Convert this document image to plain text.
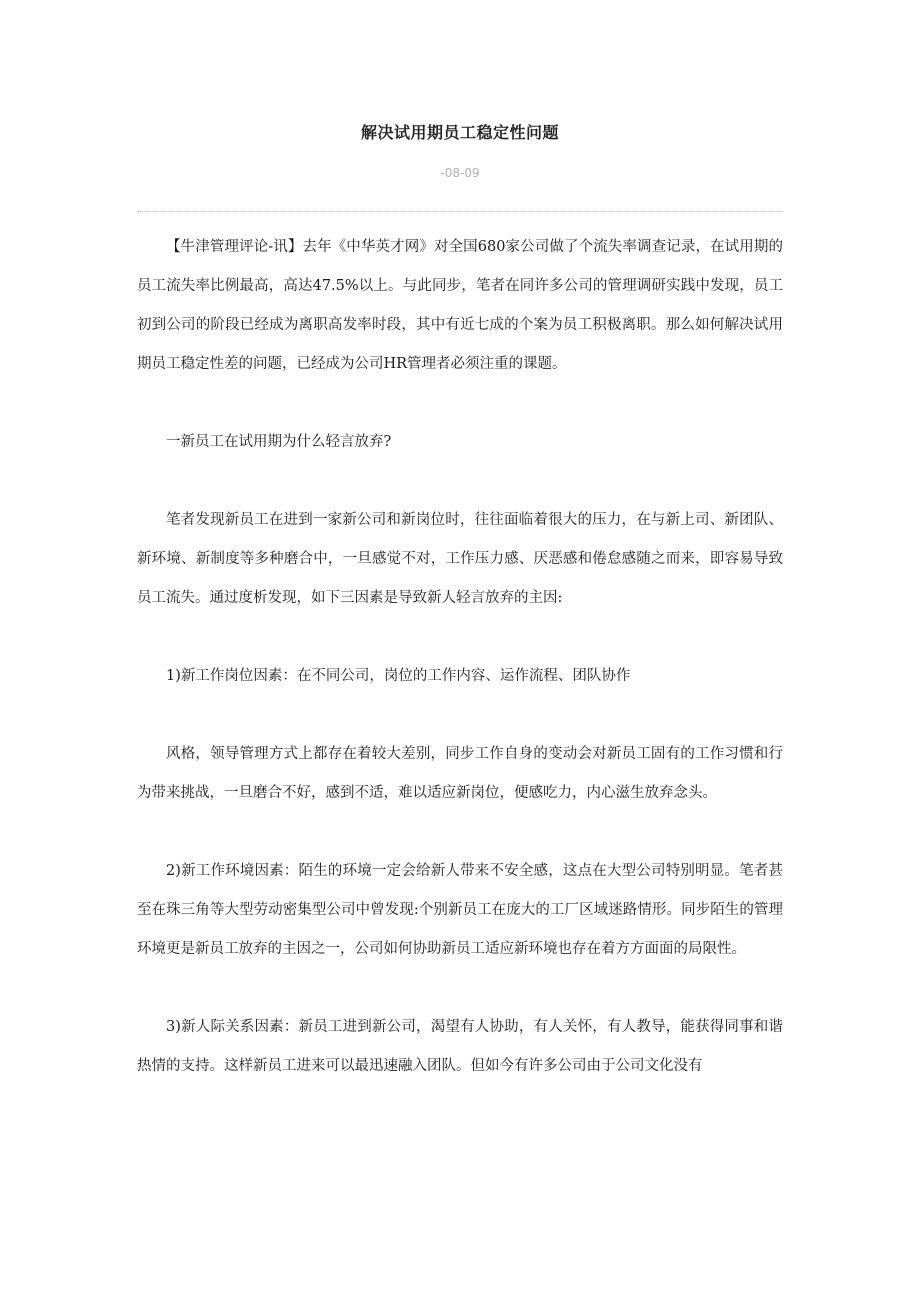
解决试用期员工稳定性问题
-08-09

【牛津管理评论-讯】去年《中华英才网》对全国680家公司做了个流失率调查记录，在试用期的员工流失率比例最高，高达47.5%以上。与此同步，笔者在同许多公司的管理调研实践中发现，员工初到公司的阶段已经成为离职高发率时段，其中有近七成的个案为员工积极离职。那么如何解决试用期员工稳定性差的问题，已经成为公司HR管理者必须注重的课题。

一新员工在试用期为什么轻言放弃?

笔者发现新员工在进到一家新公司和新岗位时，往往面临着很大的压力，在与新上司、新团队、新环境、新制度等多种磨合中，一旦感觉不对，工作压力感、厌恶感和倦怠感随之而来，即容易导致员工流失。通过度析发现，如下三因素是导致新人轻言放弃的主因:

1)新工作岗位因素：在不同公司，岗位的工作内容、运作流程、团队协作

风格，领导管理方式上都存在着较大差别，同步工作自身的变动会对新员工固有的工作习惯和行为带来挑战，一旦磨合不好，感到不适，难以适应新岗位，便感吃力，内心滋生放弃念头。

2)新工作环境因素：陌生的环境一定会给新人带来不安全感，这点在大型公司特别明显。笔者甚至在珠三角等大型劳动密集型公司中曾发现:个别新员工在庞大的工厂区域迷路情形。同步陌生的管理环境更是新员工放弃的主因之一，公司如何协助新员工适应新环境也存在着方方面面的局限性。

3)新人际关系因素：新员工进到新公司，渴望有人协助，有人关怀，有人教导，能获得同事和谐热情的支持。这样新员工进来可以最迅速融入团队。但如今有许多公司由于公司文化没有
